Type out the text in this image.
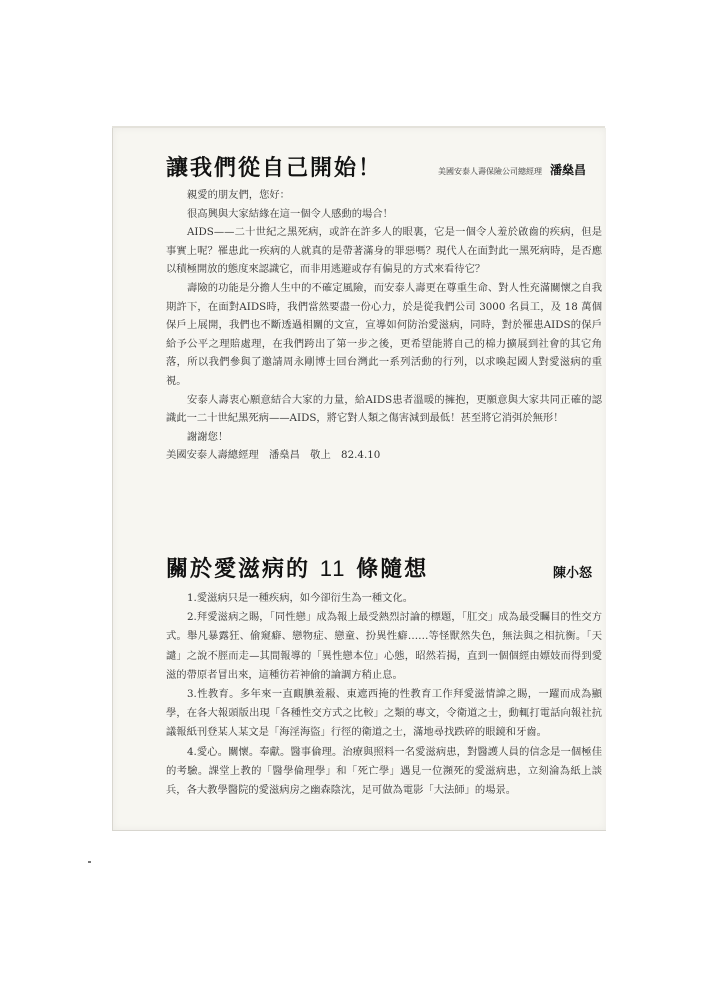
讓我們從自己開始！	美國安泰人壽保險公司總經理 潘燊昌

親愛的朋友們，您好：

很高興與大家結緣在這一個令人感動的場合！

AIDS——二十世紀之黑死病，或許在許多人的眼裏，它是一個令人羞於啟齒的疾病，但是事實上呢？罹患此一疾病的人就真的是帶著滿身的罪惡嗎？現代人在面對此一黑死病時，是否應以積極開放的態度來認識它，而非用逃避或存有偏見的方式來看待它？

壽險的功能是分擔人生中的不確定風險，而安泰人壽更在尊重生命、對人性充滿關懷之自我期許下，在面對AIDS時，我們當然要盡一份心力，於是從我們公司 3000 名員工，及 18 萬個保戶上展開，我們也不斷透過相關的文宣，宣導如何防治愛滋病，同時，對於罹患AIDS的保戶給予公平之理賠處理，在我們跨出了第一步之後，更希望能將自己的棉力擴展到社會的其它角落，所以我們參與了邀請周永剛博士回台灣此一系列活動的行列，以求喚起國人對愛滋病的重視。

安泰人壽衷心願意結合大家的力量，給AIDS患者溫暖的擁抱，更願意與大家共同正確的認識此一二十世紀黑死病——AIDS，將它對人類之傷害減到最低！甚至將它消弭於無形！

謝謝您！

美國安泰人壽總經理　潘燊昌　敬上　82.4.10

關於愛滋病的 11 條隨想	陳小怒

1.愛滋病只是一種疾病，如今卻衍生為一種文化。

2.拜愛滋病之賜，「同性戀」成為報上最受熱烈討論的標題，「肛交」成為最受矚目的性交方式。舉凡暴露狂、偷窺癖、戀物症、戀童、扮異性癖……等怪獸然失色，無法與之相抗衡。「天譴」之說不脛而走—其間報導的「異性戀本位」心態，昭然若揭，直到一個個經由嫖妓而得到愛滋的帶原者冒出來，這種彷若神偷的論調方稍止息。

3.性教育。多年來一直靦腆羞赧、東遮西掩的性教育工作拜愛滋情諱之賜，一躍而成為顯學，在各大報頭版出現「各種性交方式之比較」之類的專文，令衛道之士，動輒打電話向報社抗議報紙刊登某人某文是「海淫海盜」行徑的衛道之士，滿地尋找跌碎的眼鏡和牙齒。

4.愛心。關懷。奉獻。醫事倫理。治療與照料一名愛滋病患，對醫護人員的信念是一個極佳的考驗。課堂上教的「醫學倫理學」和「死亡學」遇見一位瀕死的愛滋病患，立刻淪為紙上談兵，各大教學醫院的愛滋病房之幽森陰沈，足可做為電影「大法師」的場景。
